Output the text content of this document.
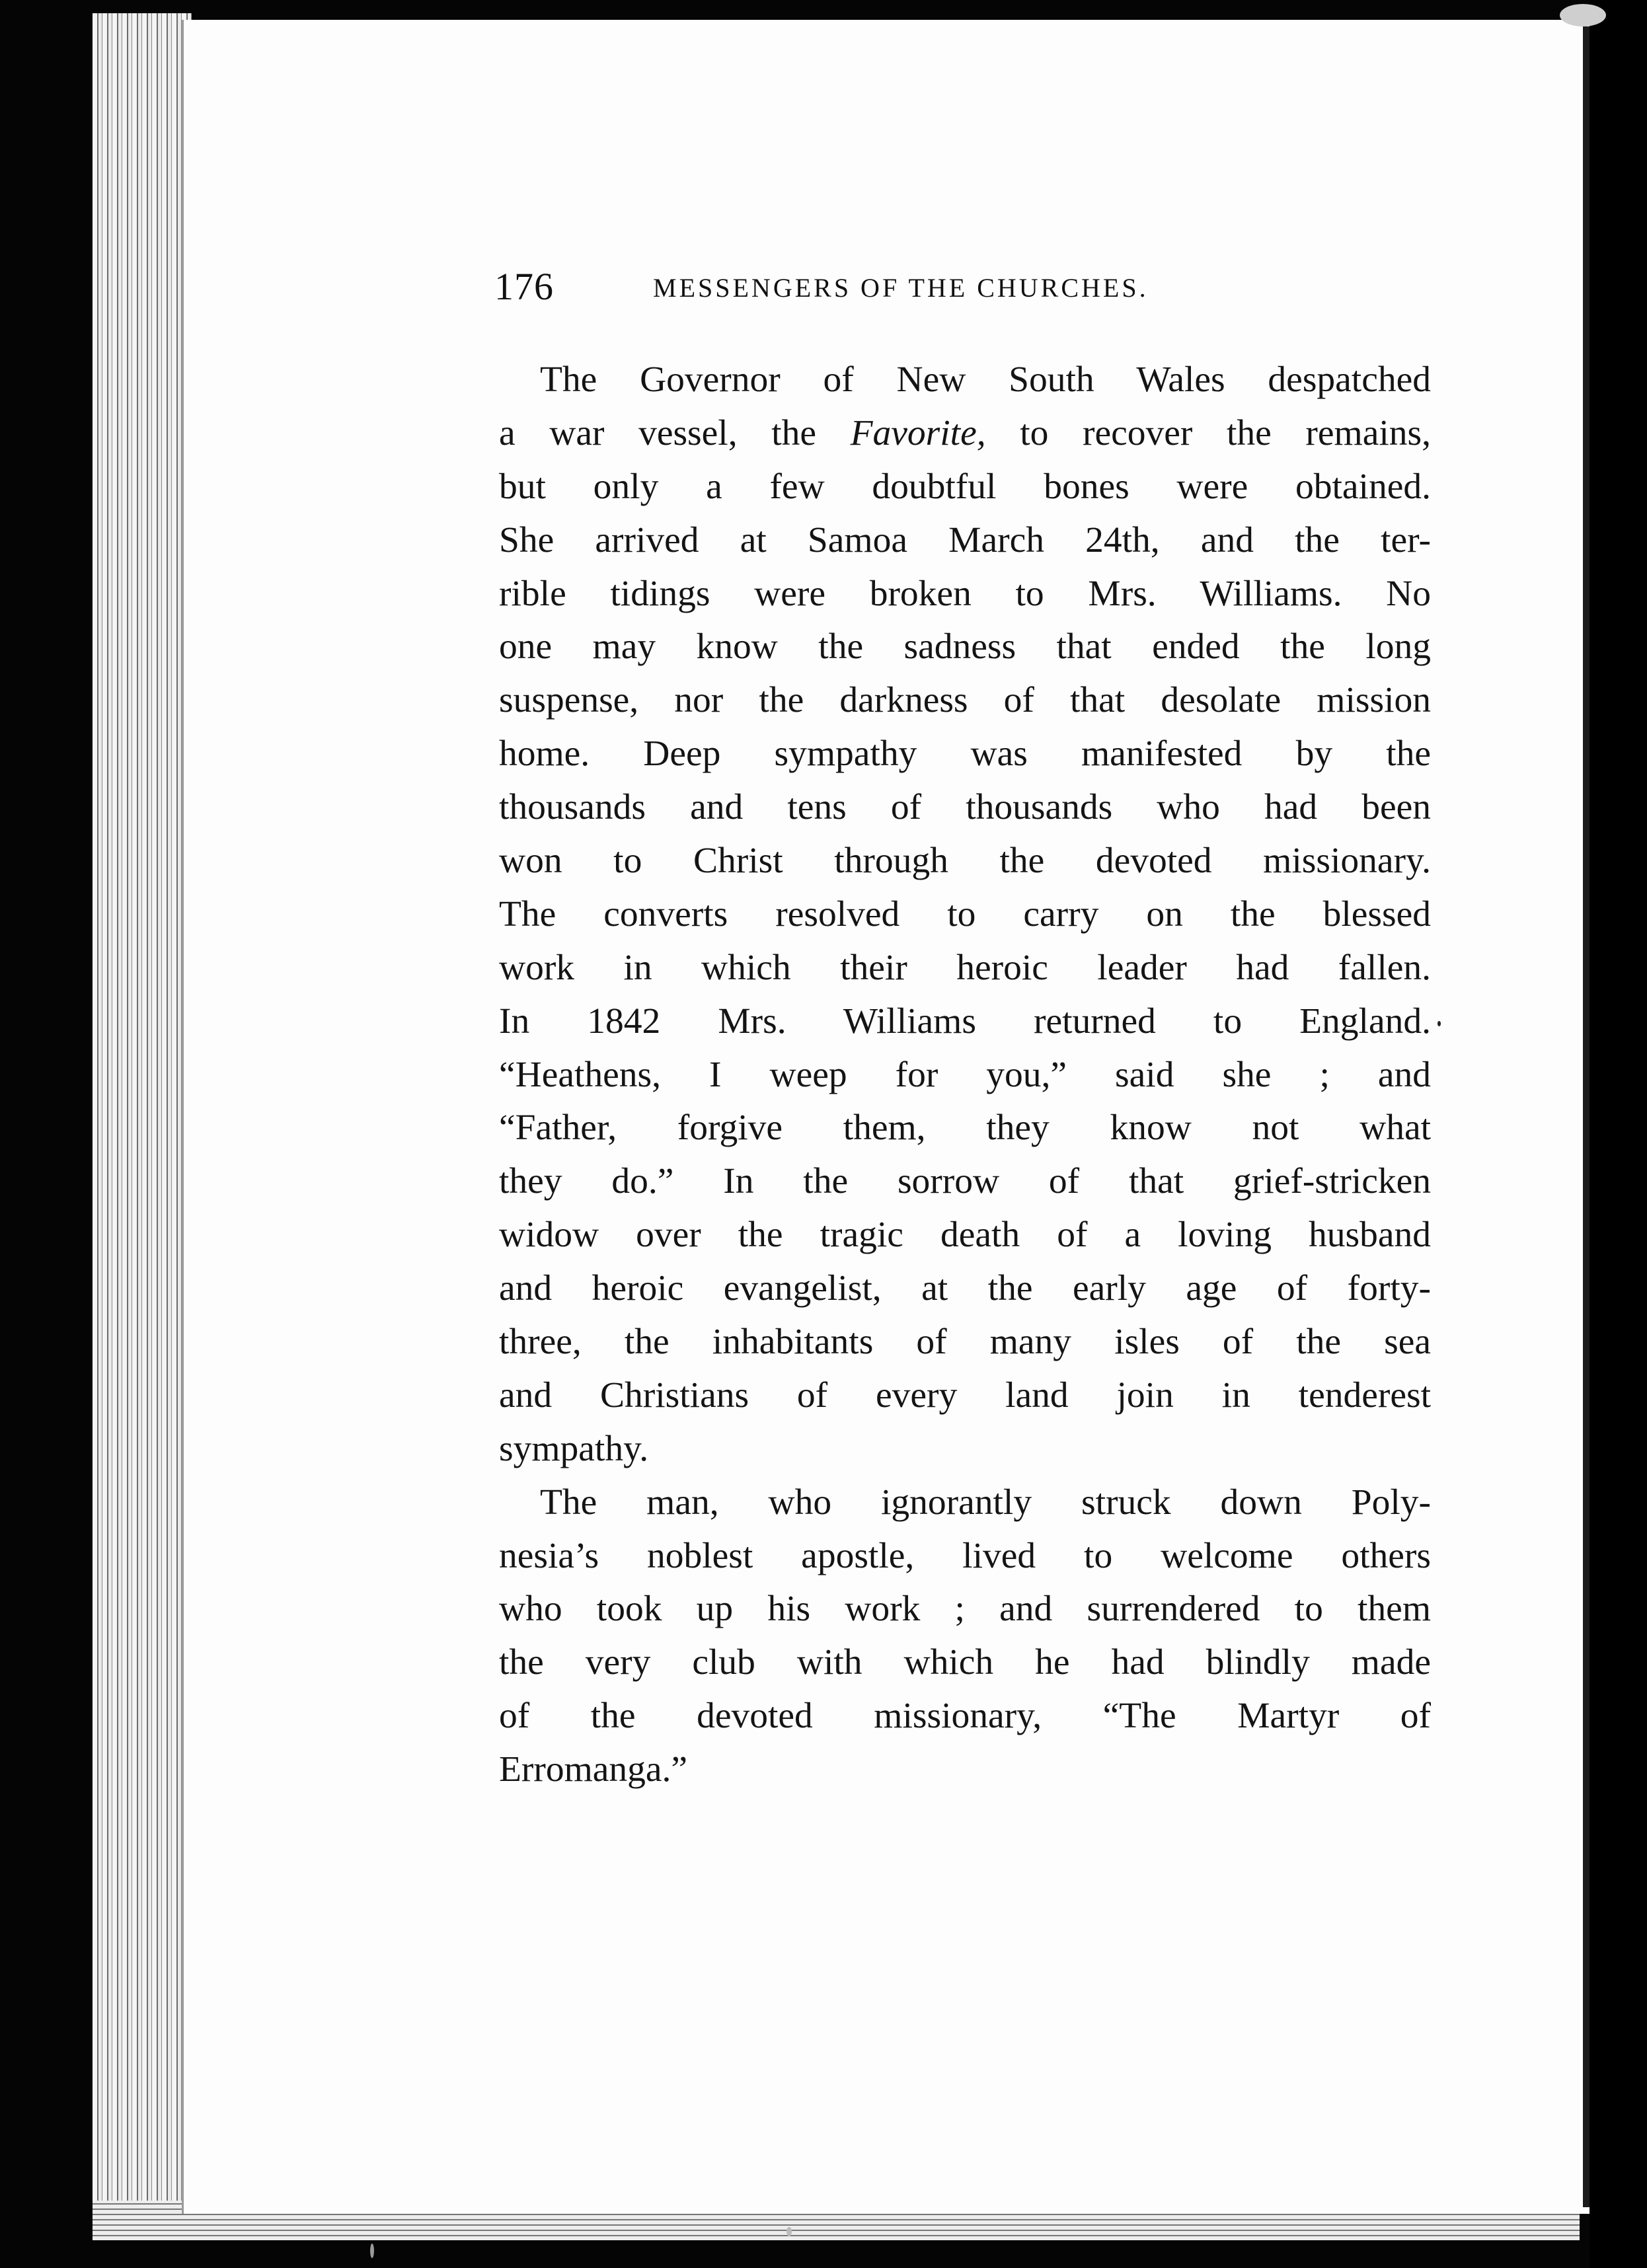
176	MESSENGERS OF THE CHURCHES.
The Governor of New South Wales despatched
a war vessel, the Favorite, to recover the remains,
but only a few doubtful bones were obtained.
She arrived at Samoa March 24th, and the ter-
rible tidings were broken to Mrs. Williams. No
one may know the sadness that ended the long
suspense, nor the darkness of that desolate mission
home. Deep sympathy was manifested by the
thousands and tens of thousands who had been
won to Christ through the devoted missionary.
The converts resolved to carry on the blessed
work in which their heroic leader had fallen.
In 1842 Mrs. Williams returned to England.
“Heathens, I weep for you,” said she ; and
“Father, forgive them, they know not what
they do.” In the sorrow of that grief-stricken
widow over the tragic death of a loving husband
and heroic evangelist, at the early age of forty-
three, the inhabitants of many isles of the sea
and Christians of every land join in tenderest
sympathy.
The man, who ignorantly struck down Poly-
nesia’s noblest apostle, lived to welcome others
who took up his work ; and surrendered to them
the very club with which he had blindly made
of the devoted missionary, “The Martyr of
Erromanga.”
